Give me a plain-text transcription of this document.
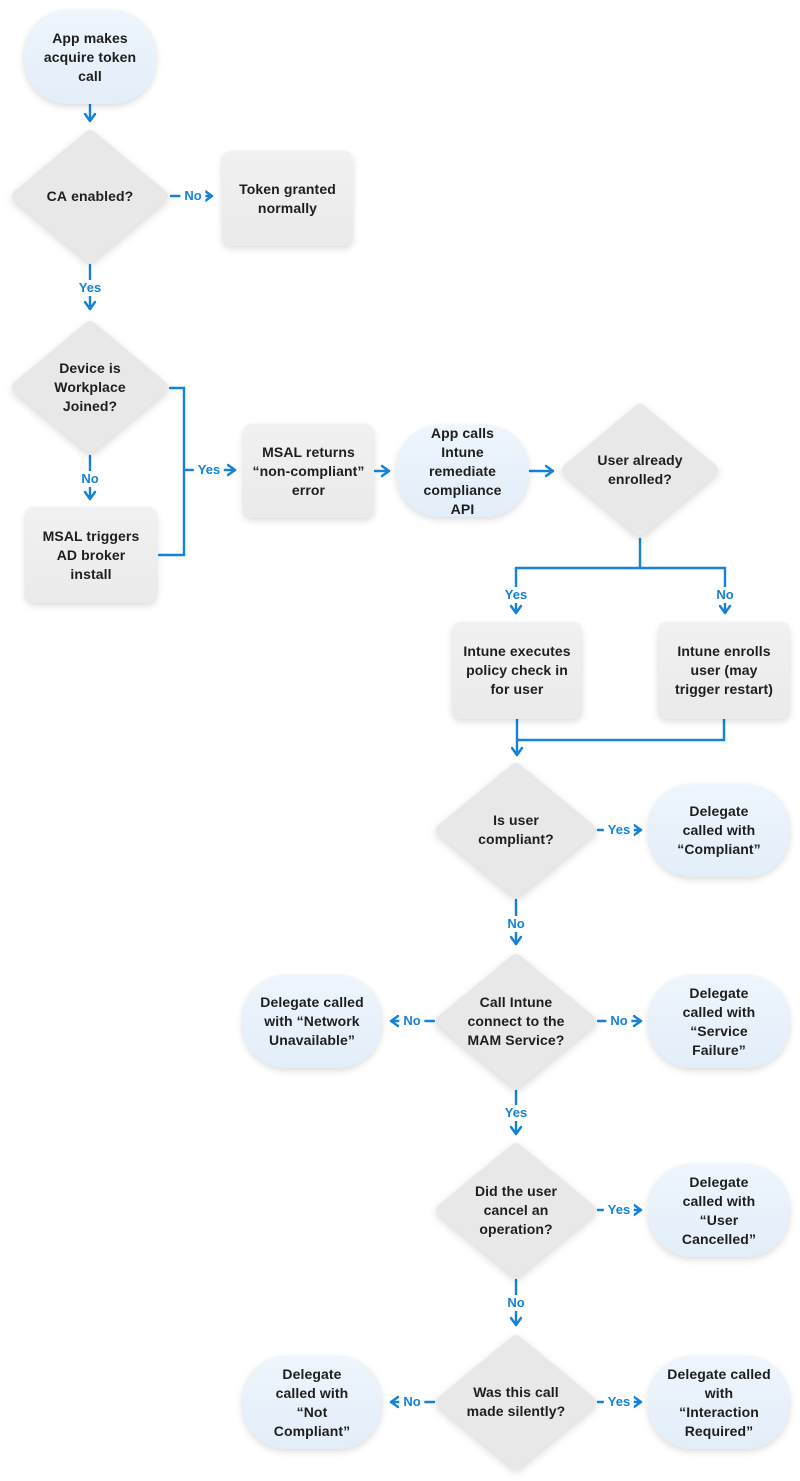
App makes acquire token call
CA enabled?	Token granted normally
Device is Workplace Joined?
MSAL triggers AD broker install
MSAL returns “non-compliant” error
App calls Intune remediate compliance API
User already enrolled?
Intune executes policy check in for user
Intune enrolls user (may trigger restart)
Is user compliant?
Delegate called with “Compliant”
Call Intune connect to the MAM Service?
Delegate called with “Network Unavailable”
Delegate called with “Service Failure”
Did the user cancel an operation?
Delegate called with “User Cancelled”
Was this call made silently?
Delegate called with “Not Compliant”
Delegate called with “Interaction Required”
No
Yes
No
Yes
Yes	No
Yes
No
No	No
Yes
Yes
No
No	Yes
